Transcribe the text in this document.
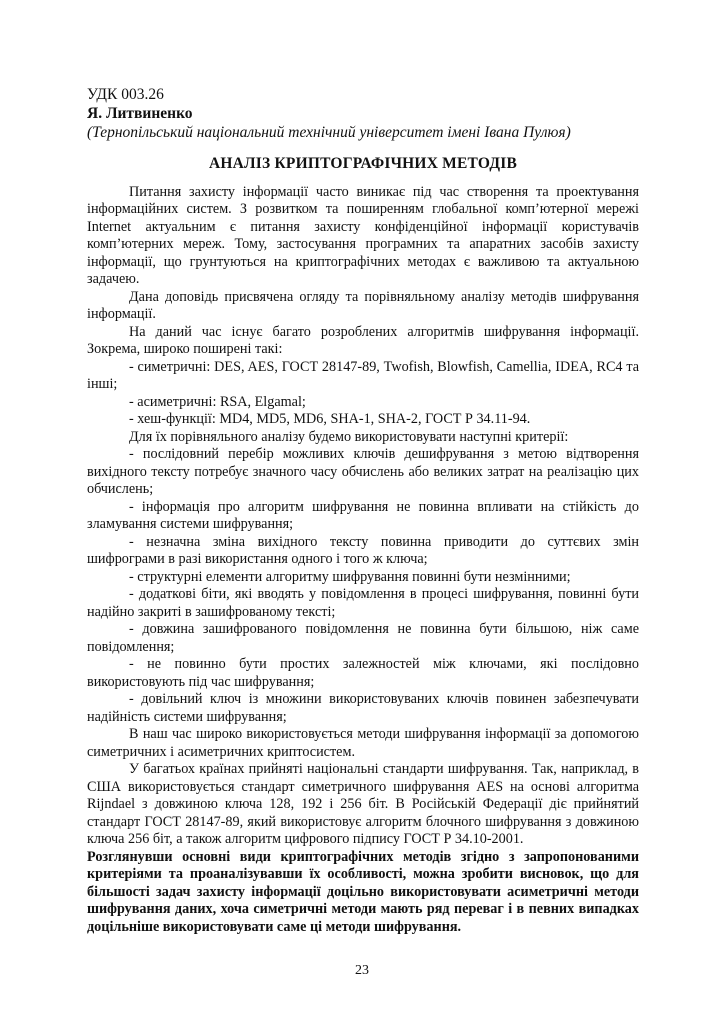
УДК 003.26
Я. Литвиненко
(Тернопільський національний технічний університет імені Івана Пулюя)
АНАЛІЗ КРИПТОГРАФІЧНИХ МЕТОДІВ

Питання захисту інформації часто виникає під час створення та проектування інформаційних систем. З розвитком та поширенням глобальної комп’ютерної мережі Internet актуальним є питання захисту конфіденційної інформації користувачів комп’ютерних мереж. Тому, застосування програмних та апаратних засобів захисту інформації, що грунтуються на криптографічних методах є важливою та актуальною задачею.

Дана доповідь присвячена огляду та порівняльному аналізу методів шифрування інформації.

На даний час існує багато розроблених алгоритмів шифрування інформації. Зокрема, широко поширені такі:

- симетричні: DES, AES, ГОСТ 28147-89, Twofish, Blowfish, Camellia, IDEA, RC4 та інші;

- асиметричні: RSA, Elgamal;

- хеш-функції: MD4, MD5, MD6, SHA-1, SHA-2, ГОСТ Р 34.11-94.

Для їх порівняльного аналізу будемо використовувати наступні критерії:

- послідовний перебір можливих ключів дешифрування з метою відтворення вихідного тексту потребує значного часу обчислень або великих затрат на реалізацію цих обчислень;

- інформація про алгоритм шифрування не повинна впливати на стійкість до зламування системи шифрування;

- незначна зміна вихідного тексту повинна приводити до суттєвих змін шифрограми в разі використання одного і того ж ключа;

- структурні елементи алгоритму шифрування повинні бути незмінними;

- додаткові біти, які вводять у повідомлення в процесі шифрування, повинні бути надійно закриті в зашифрованому тексті;

- довжина зашифрованого повідомлення не повинна бути більшою, ніж саме повідомлення;

- не повинно бути простих залежностей між ключами, які послідовно використовують під час шифрування;

- довільний ключ із множини використовуваних ключів повинен забезпечувати надійність системи шифрування;

В наш час широко використовується методи шифрування інформації за допомогою симетричних і асиметричних криптосистем.

У багатьох країнах прийняті національні стандарти шифрування. Так, наприклад, в США використовується стандарт симетричного шифрування AES на основі алгоритма Rijndael з довжиною ключа 128, 192 і 256 біт. В Російській Федерації діє прийнятий стандарт ГОСТ 28147-89, який використовує алгоритм блочного шифрування з довжиною ключа 256 біт, а також алгоритм цифрового підпису ГОСТ Р 34.10-2001.

Розглянувши основні види криптографічних методів згідно з запропонованими критеріями та проаналізувавши їх особливості, можна зробити висновок, що для більшості задач захисту інформації доцільно використовувати асиметричні методи шифрування даних, хоча симетричні методи мають ряд переваг і в певних випадках доцільніше використовувати саме ці методи шифрування.

23
